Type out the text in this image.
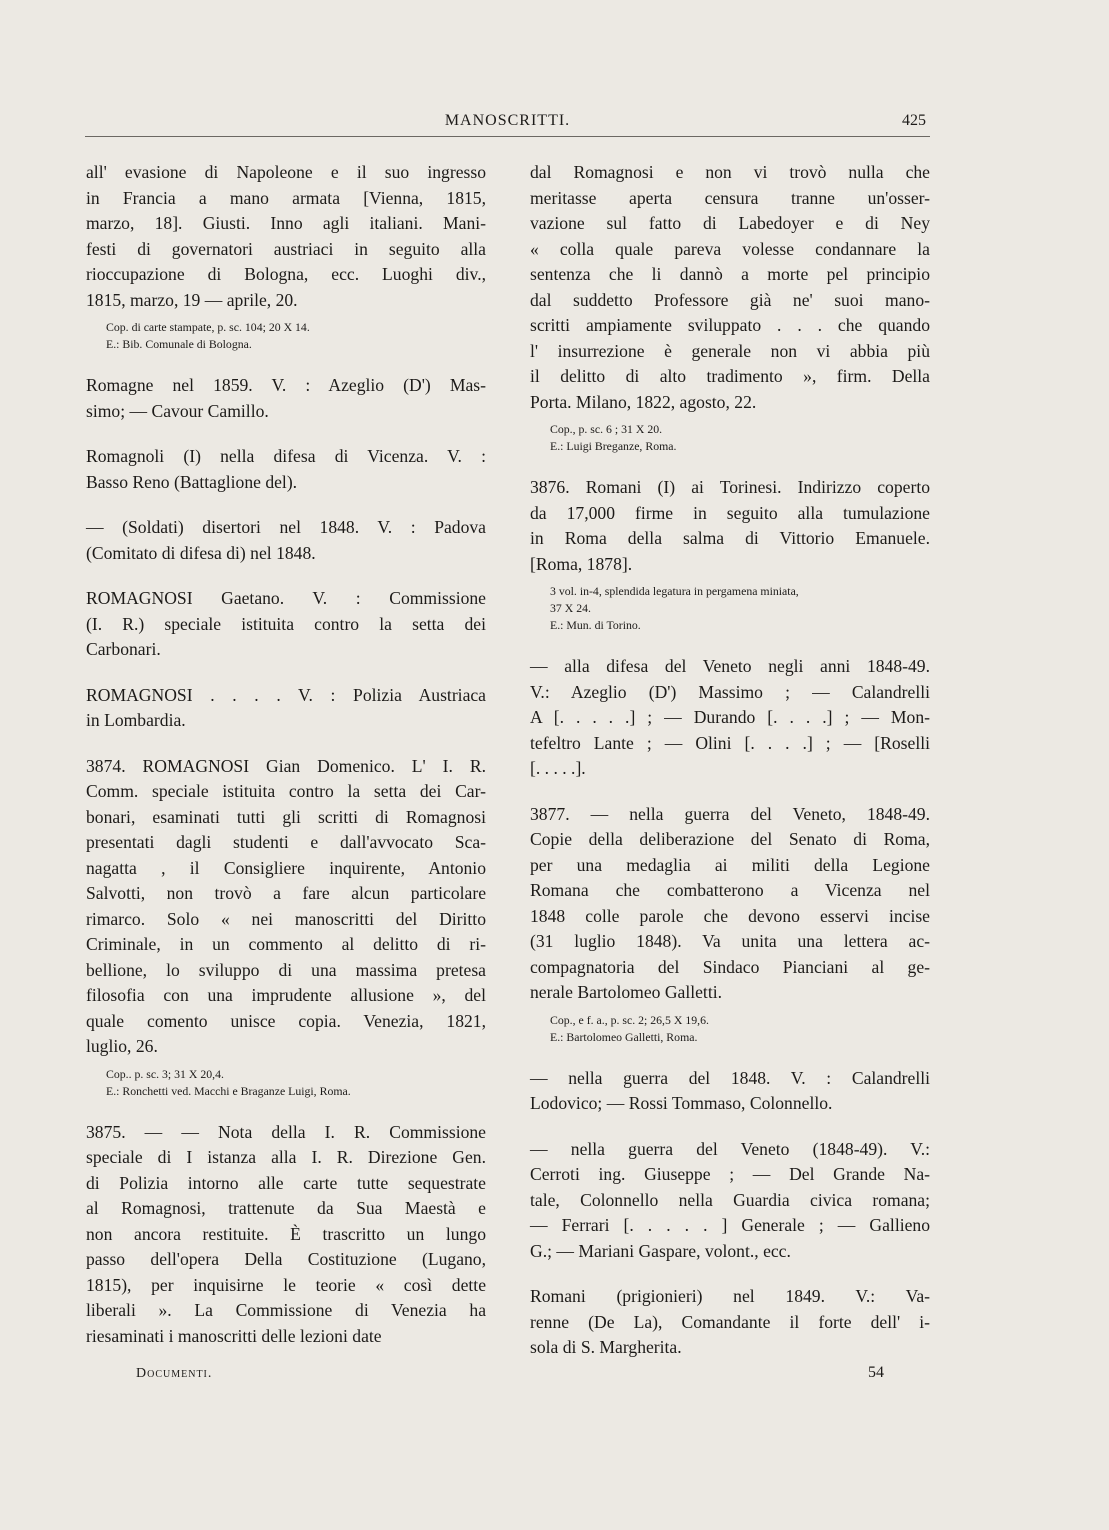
MANOSCRITTI.	425
all' evasione di Napoleone e il suo ingresso
in Francia a mano armata [Vienna, 1815,
marzo, 18]. Giusti. Inno agli italiani. Mani-
festi di governatori austriaci in seguito alla
rioccupazione di Bologna, ecc. Luoghi div.,
1815, marzo, 19 — aprile, 20.
Cop. di carte stampate, p. sc. 104; 20 X 14.
E.: Bib. Comunale di Bologna.
Romagne nel 1859. V. : Azeglio (D') Mas-
simo; — Cavour Camillo.
Romagnoli (I) nella difesa di Vicenza. V. :
Basso Reno (Battaglione del).
— (Soldati) disertori nel 1848. V. : Padova
(Comitato di difesa di) nel 1848.
ROMAGNOSI Gaetano. V. : Commissione
(I. R.) speciale istituita contro la setta dei
Carbonari.
ROMAGNOSI . . . . V. : Polizia Austriaca
in Lombardia.
3874. ROMAGNOSI Gian Domenico. L' I. R.
Comm. speciale istituita contro la setta dei Car-
bonari, esaminati tutti gli scritti di Romagnosi
presentati dagli studenti e dall'avvocato Sca-
nagatta , il Consigliere inquirente, Antonio
Salvotti, non trovò a fare alcun particolare
rimarco. Solo « nei manoscritti del Diritto
Criminale, in un commento al delitto di ri-
bellione, lo sviluppo di una massima pretesa
filosofia con una imprudente allusione », del
quale comento unisce copia. Venezia, 1821,
luglio, 26.
Cop.. p. sc. 3; 31 X 20,4.
E.: Ronchetti ved. Macchi e Braganze Luigi, Roma.
3875. — — Nota della I. R. Commissione
speciale di I istanza alla I. R. Direzione Gen.
di Polizia intorno alle carte tutte sequestrate
al Romagnosi, trattenute da Sua Maestà e
non ancora restituite. È trascritto un lungo
passo dell'opera Della Costituzione (Lugano,
1815), per inquisirne le teorie « così dette
liberali ». La Commissione di Venezia ha
riesaminati i manoscritti delle lezioni date
dal Romagnosi e non vi trovò nulla che
meritasse aperta censura tranne un'osser-
vazione sul fatto di Labedoyer e di Ney
« colla quale pareva volesse condannare la
sentenza che li dannò a morte pel principio
dal suddetto Professore già ne' suoi mano-
scritti ampiamente sviluppato . . . che quando
l' insurrezione è generale non vi abbia più
il delitto di alto tradimento », firm. Della
Porta. Milano, 1822, agosto, 22.
Cop., p. sc. 6 ; 31 X 20.
E.: Luigi Breganze, Roma.
3876. Romani (I) ai Torinesi. Indirizzo coperto
da 17,000 firme in seguito alla tumulazione
in Roma della salma di Vittorio Emanuele.
[Roma, 1878].
3 vol. in-4, splendida legatura in pergamena miniata,
37 X 24.
E.: Mun. di Torino.
— alla difesa del Veneto negli anni 1848-49.
V.: Azeglio (D') Massimo ; — Calandrelli
A [. . . . .] ; — Durando [. . . .] ; — Mon-
tefeltro Lante ; — Olini [. . . .] ; — [Roselli
[. . . . .].
3877. — nella guerra del Veneto, 1848-49.
Copie della deliberazione del Senato di Roma,
per una medaglia ai militi della Legione
Romana che combatterono a Vicenza nel
1848 colle parole che devono esservi incise
(31 luglio 1848). Va unita una lettera ac-
compagnatoria del Sindaco Pianciani al ge-
nerale Bartolomeo Galletti.
Cop., e f. a., p. sc. 2; 26,5 X 19,6.
E.: Bartolomeo Galletti, Roma.
— nella guerra del 1848. V. : Calandrelli
Lodovico; — Rossi Tommaso, Colonnello.
— nella guerra del Veneto (1848-49). V.:
Cerroti ing. Giuseppe ; — Del Grande Na-
tale, Colonnello nella Guardia civica romana;
— Ferrari [. . . . . ] Generale ; — Gallieno
G.; — Mariani Gaspare, volont., ecc.
Romani (prigionieri) nel 1849. V.: Va-
renne (De La), Comandante il forte dell' i-
sola di S. Margherita.
Documenti.	54
